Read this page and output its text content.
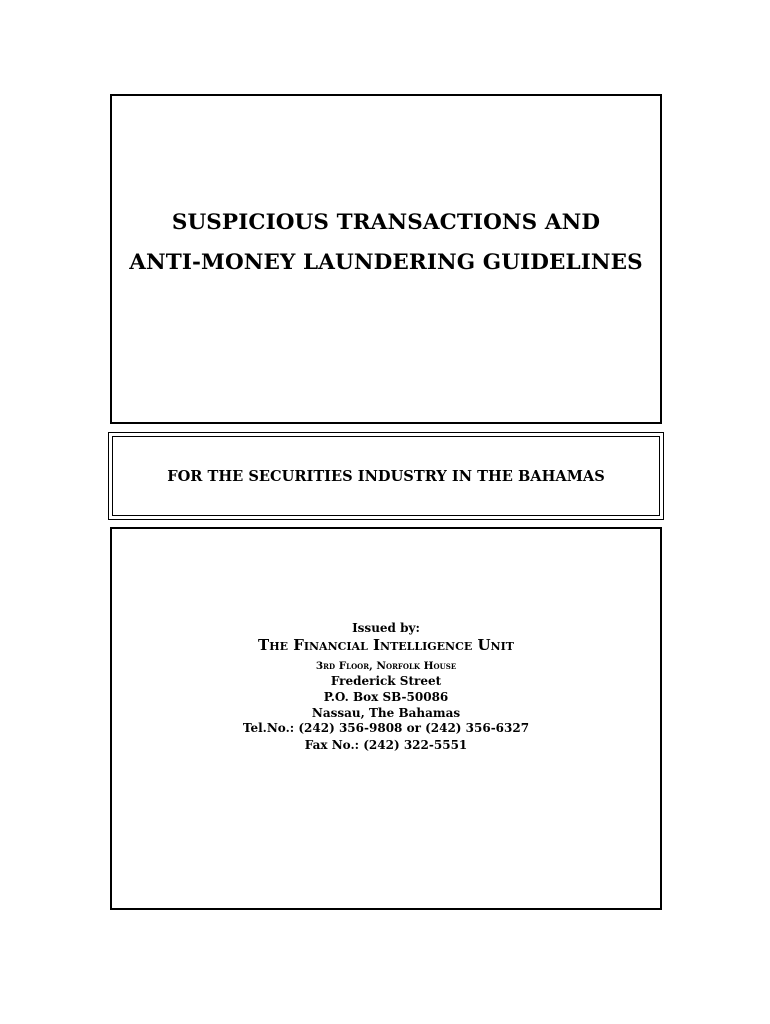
SUSPICIOUS TRANSACTIONS AND
ANTI-MONEY LAUNDERING GUIDELINES
FOR THE SECURITIES INDUSTRY IN THE BAHAMAS
Issued by:
The Financial Intelligence Unit
3rd Floor, Norfolk House
Frederick Street
P.O. Box SB-50086
Nassau, The Bahamas
Tel.No.: (242) 356-9808 or (242) 356-6327
Fax No.: (242) 322-5551
